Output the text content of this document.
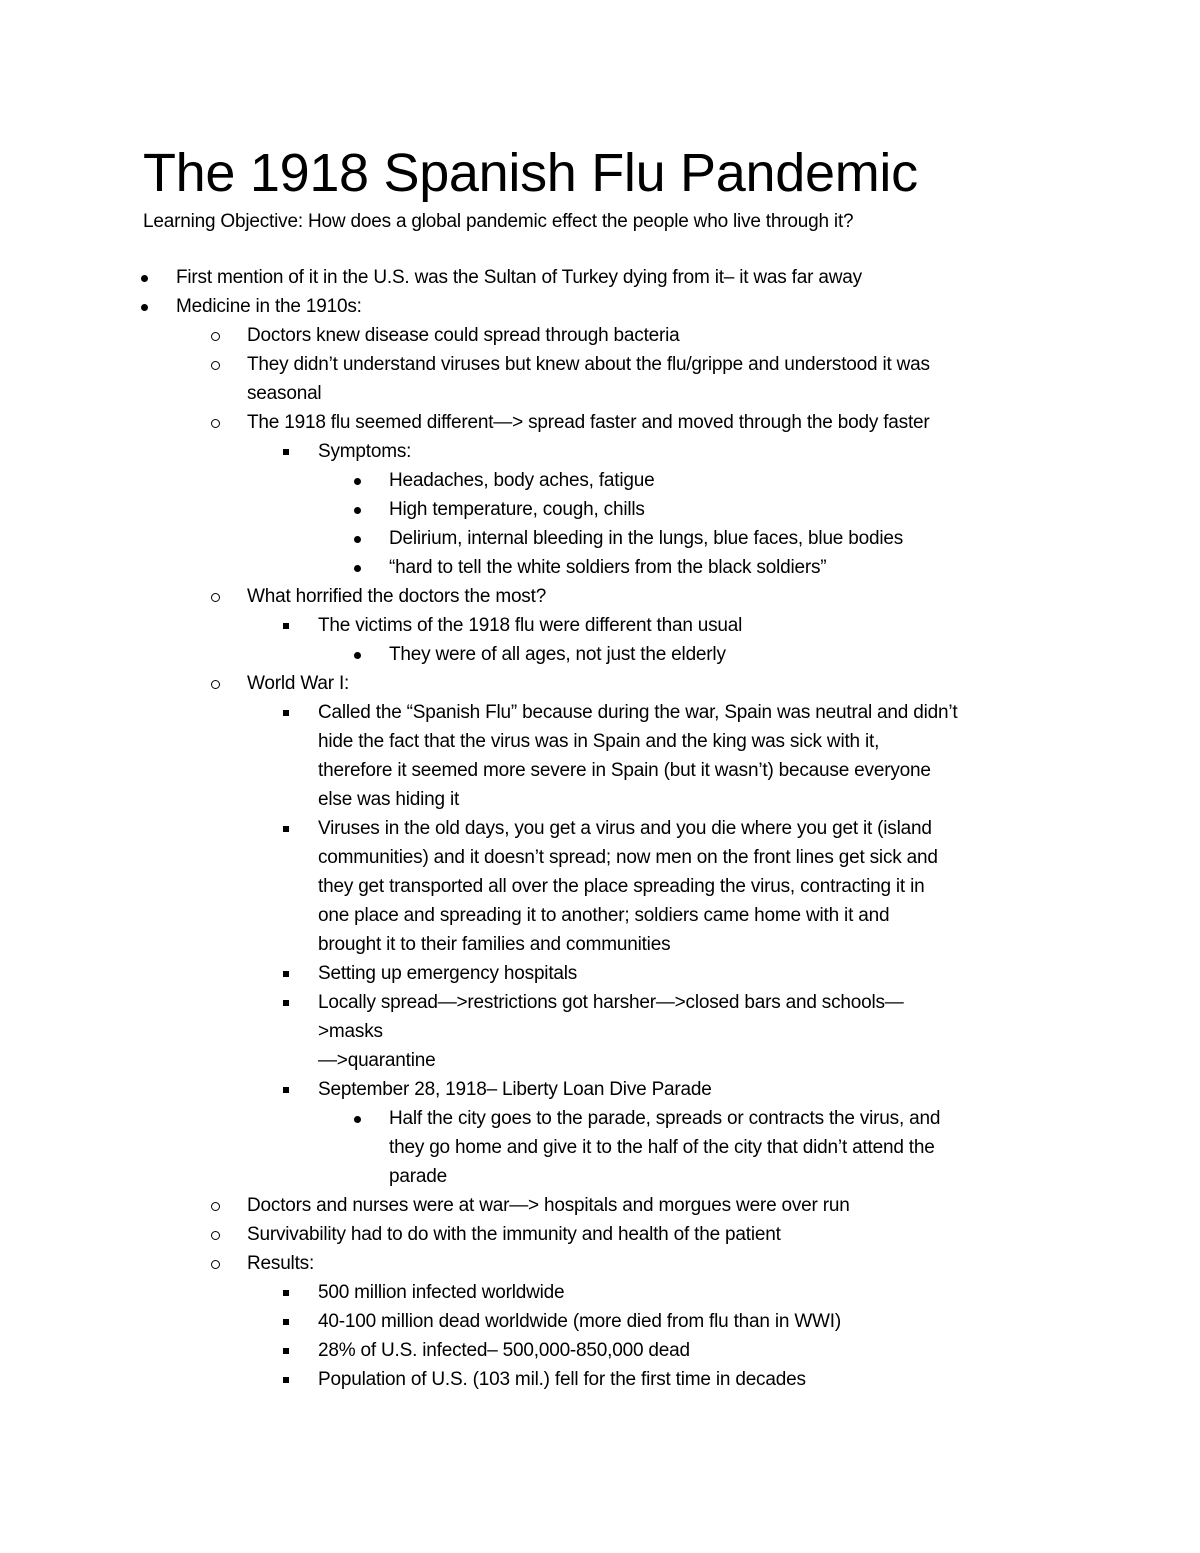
The 1918 Spanish Flu Pandemic

Learning Objective: How does a global pandemic effect the people who live through it?

First mention of it in the U.S. was the Sultan of Turkey dying from it– it was far away
Medicine in the 1910s:
Doctors knew disease could spread through bacteria
They didn’t understand viruses but knew about the flu/grippe and understood it was
seasonal
The 1918 flu seemed different—> spread faster and moved through the body faster
Symptoms:
Headaches, body aches, fatigue
High temperature, cough, chills
Delirium, internal bleeding in the lungs, blue faces, blue bodies
“hard to tell the white soldiers from the black soldiers”
What horrified the doctors the most?
The victims of the 1918 flu were different than usual
They were of all ages, not just the elderly
World War I:
Called the “Spanish Flu” because during the war, Spain was neutral and didn’t
hide the fact that the virus was in Spain and the king was sick with it,
therefore it seemed more severe in Spain (but it wasn’t) because everyone
else was hiding it
Viruses in the old days, you get a virus and you die where you get it (island
communities) and it doesn’t spread; now men on the front lines get sick and
they get transported all over the place spreading the virus, contracting it in
one place and spreading it to another; soldiers came home with it and
brought it to their families and communities
Setting up emergency hospitals
Locally spread—>restrictions got harsher—>closed bars and schools—
>masks
—>quarantine
September 28, 1918– Liberty Loan Dive Parade
Half the city goes to the parade, spreads or contracts the virus, and
they go home and give it to the half of the city that didn’t attend the
parade
Doctors and nurses were at war—> hospitals and morgues were over run
Survivability had to do with the immunity and health of the patient
Results:
500 million infected worldwide
40-100 million dead worldwide (more died from flu than in WWI)
28% of U.S. infected– 500,000-850,000 dead
Population of U.S. (103 mil.) fell for the first time in decades
